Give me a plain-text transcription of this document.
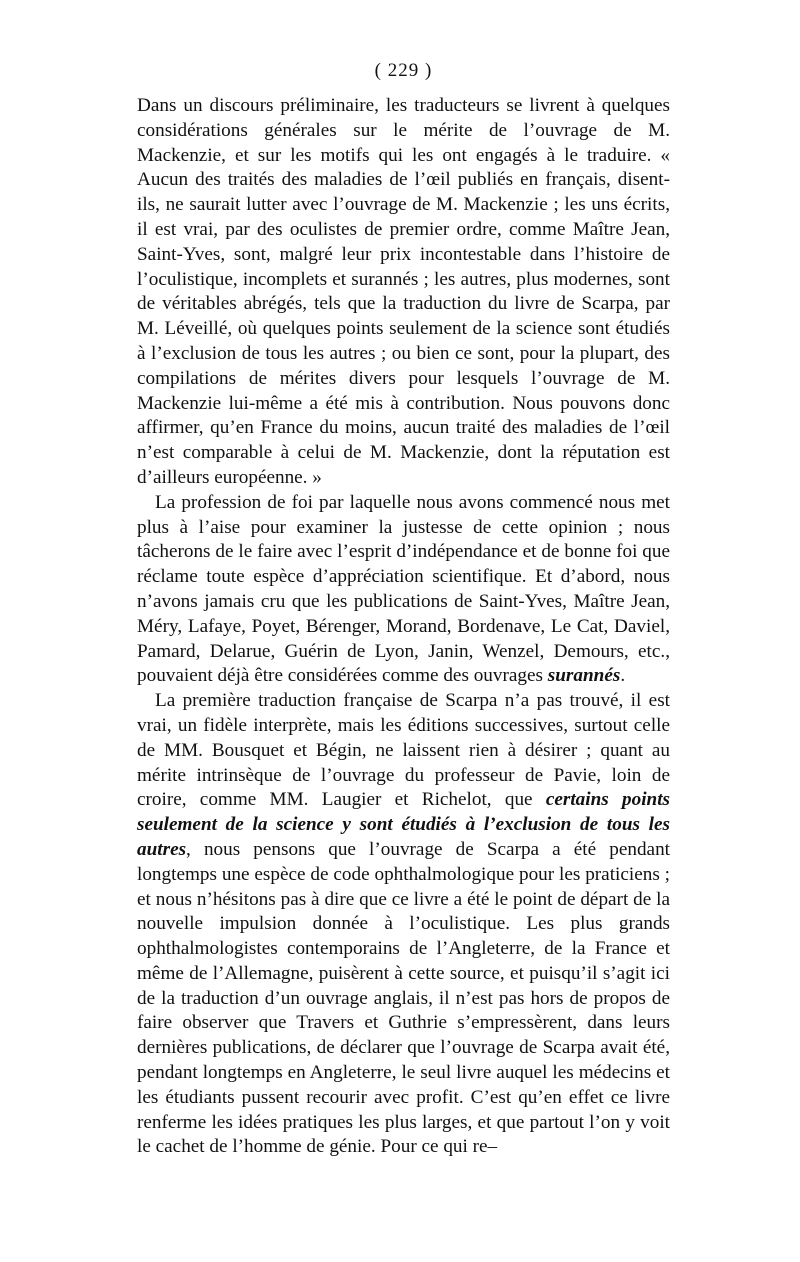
( 229 )

Dans un discours préliminaire, les traducteurs se livrent à quelques considérations générales sur le mérite de l’ouvrage de M. Mackenzie, et sur les motifs qui les ont engagés à le traduire. « Aucun des traités des maladies de l’œil publiés en français, disent-ils, ne saurait lutter avec l’ouvrage de M. Mackenzie ; les uns écrits, il est vrai, par des oculistes de premier ordre, comme Maître Jean, Saint-Yves, sont, malgré leur prix incontestable dans l’histoire de l’oculistique, incomplets et surannés ; les autres, plus modernes, sont de véritables abrégés, tels que la traduction du livre de Scarpa, par M. Léveillé, où quelques points seulement de la science sont étudiés à l’exclusion de tous les autres ; ou bien ce sont, pour la plupart, des compilations de mérites divers pour lesquels l’ouvrage de M. Mackenzie lui-même a été mis à contribution. Nous pouvons donc affirmer, qu’en France du moins, aucun traité des maladies de l’œil n’est comparable à celui de M. Mackenzie, dont la réputation est d’ailleurs européenne. »

La profession de foi par laquelle nous avons commencé nous met plus à l’aise pour examiner la justesse de cette opinion ; nous tâcherons de le faire avec l’esprit d’indépendance et de bonne foi que réclame toute espèce d’appréciation scientifique. Et d’abord, nous n’avons jamais cru que les publications de Saint-Yves, Maître Jean, Méry, Lafaye, Poyet, Bérenger, Morand, Bordenave, Le Cat, Daviel, Pamard, Delarue, Guérin de Lyon, Janin, Wenzel, Demours, etc., pouvaient déjà être considérées comme des ouvrages surannés.

La première traduction française de Scarpa n’a pas trouvé, il est vrai, un fidèle interprète, mais les éditions successives, surtout celle de MM. Bousquet et Bégin, ne laissent rien à désirer ; quant au mérite intrinsèque de l’ouvrage du professeur de Pavie, loin de croire, comme MM. Laugier et Richelot, que certains points seulement de la science y sont étudiés à l’exclusion de tous les autres, nous pensons que l’ouvrage de Scarpa a été pendant longtemps une espèce de code ophthalmologique pour les praticiens ; et nous n’hésitons pas à dire que ce livre a été le point de départ de la nouvelle impulsion donnée à l’oculistique. Les plus grands ophthalmologistes contemporains de l’Angleterre, de la France et même de l’Allemagne, puisèrent à cette source, et puisqu’il s’agit ici de la traduction d’un ouvrage anglais, il n’est pas hors de propos de faire observer que Travers et Guthrie s’empressèrent, dans leurs dernières publications, de déclarer que l’ouvrage de Scarpa avait été, pendant longtemps en Angleterre, le seul livre auquel les médecins et les étudiants pussent recourir avec profit. C’est qu’en effet ce livre renferme les idées pratiques les plus larges, et que partout l’on y voit le cachet de l’homme de génie. Pour ce qui re–
